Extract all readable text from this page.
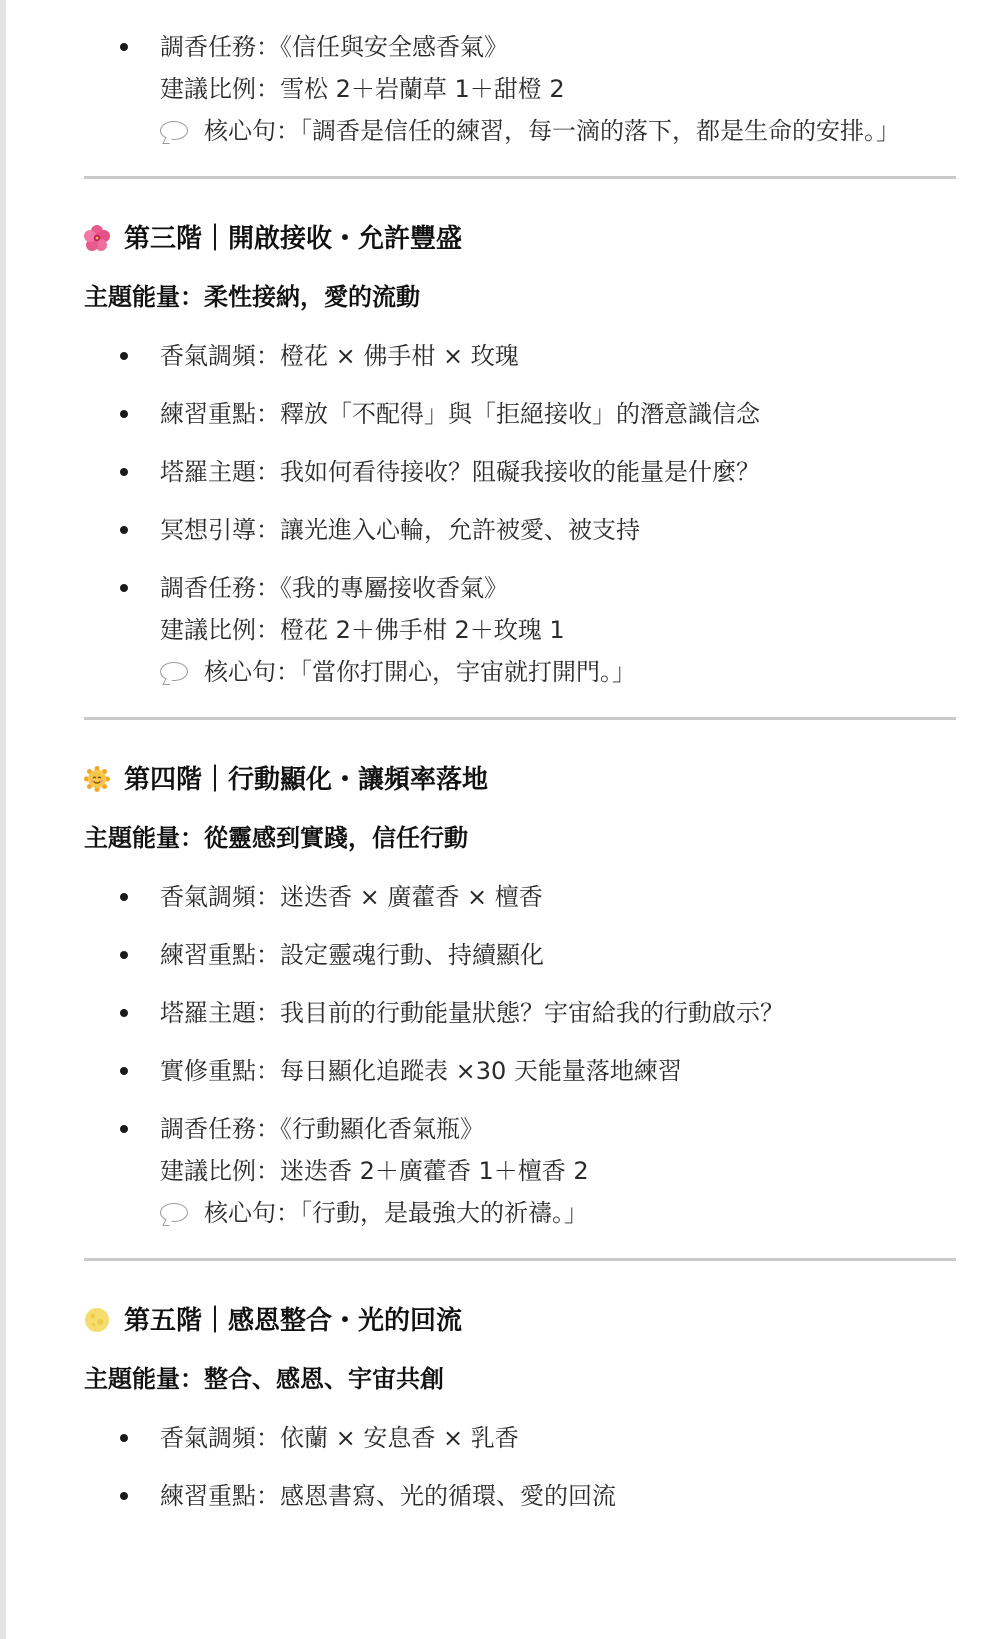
調香任務：《信任與安全感香氣》
建議比例：雪松 2＋岩蘭草 1＋甜橙 2
核心句：「調香是信任的練習，每一滴的落下，都是生命的安排。」
第三階｜開啟接收・允許豐盛
主題能量：柔性接納，愛的流動
香氣調頻：橙花 × 佛手柑 × 玫瑰
練習重點：釋放「不配得」與「拒絕接收」的潛意識信念
塔羅主題：我如何看待接收？阻礙我接收的能量是什麼？
冥想引導：讓光進入心輪，允許被愛、被支持
調香任務：《我的專屬接收香氣》
建議比例：橙花 2＋佛手柑 2＋玫瑰 1
核心句：「當你打開心，宇宙就打開門。」
第四階｜行動顯化・讓頻率落地
主題能量：從靈感到實踐，信任行動
香氣調頻：迷迭香 × 廣藿香 × 檀香
練習重點：設定靈魂行動、持續顯化
塔羅主題：我目前的行動能量狀態？宇宙給我的行動啟示？
實修重點：每日顯化追蹤表 ×30 天能量落地練習
調香任務：《行動顯化香氣瓶》
建議比例：迷迭香 2＋廣藿香 1＋檀香 2
核心句：「行動，是最強大的祈禱。」
第五階｜感恩整合・光的回流
主題能量：整合、感恩、宇宙共創
香氣調頻：依蘭 × 安息香 × 乳香
練習重點：感恩書寫、光的循環、愛的回流
